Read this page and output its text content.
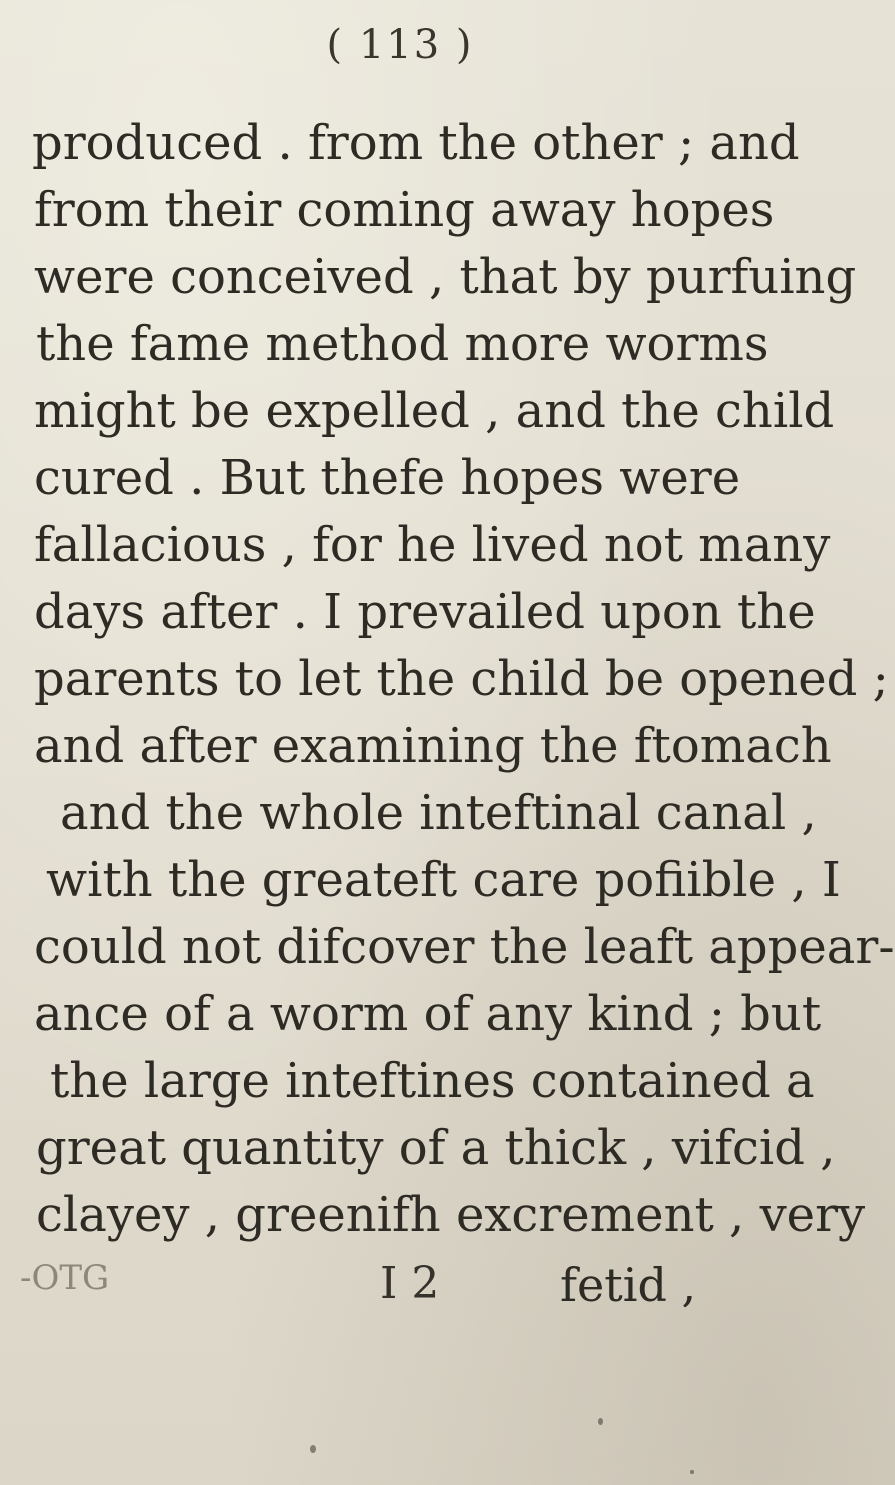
( 113 )
produced . from the other ; and
from their coming away hopes
were conceived , that by purfuing
the fame method more worms
might be expelled , and the child
cured . But thefe hopes were
fallacious , for he lived not many
days after . I prevailed upon the
parents to let the child be opened ;
and after examining the ftomach
and the whole inteftinal canal ,
with the greateft care pofiible , I
could not difcover the leaft appear-
ance of a worm of any kind ; but
the large inteftines contained a
great quantity of a thick , vifcid ,
clayey , greenifh excrement , very
-OTG	I 2	fetid ,
